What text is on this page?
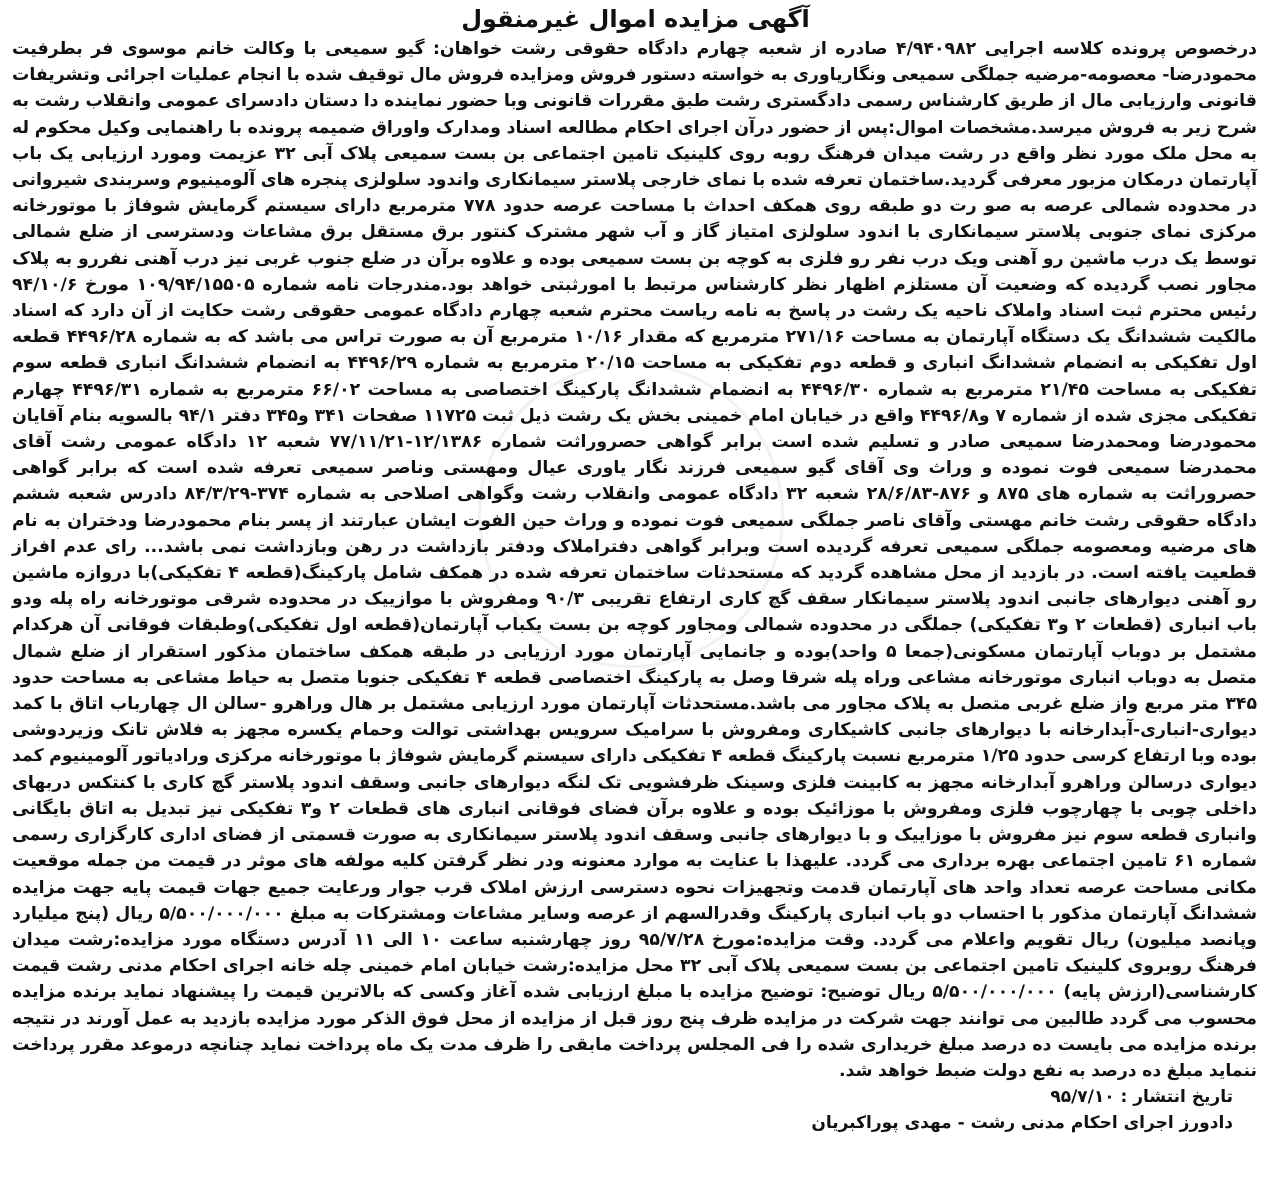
آگهی مزایده اموال غیرمنقول

درخصوص پرونده کلاسه اجرایی ۴/۹۴۰۹۸۲ صادره از شعبه چهارم دادگاه حقوقی رشت خواهان: گیو سمیعی با وکالت خانم موسوی فر بطرفیت محمودرضا- معصومه-مرضیه جملگی سمیعی ونگاریاوری به خواسته دستور فروش ومزایده فروش مال توقیف شده با انجام عملیات اجرائی وتشریفات قانونی وارزیابی مال از طریق کارشناس رسمی دادگستری رشت طبق مقررات قانونی وبا حضور نماینده دا دستان دادسرای عمومی وانقلاب رشت به شرح زیر به فروش میرسد.مشخصات اموال:پس از حضور درآن اجرای احکام مطالعه اسناد ومدارک واوراق ضمیمه پرونده با راهنمایی وکیل محکوم له به محل ملک مورد نظر واقع در رشت میدان فرهنگ روبه روی کلینیک تامین اجتماعی بن بست سمیعی پلاک آبی ۳۲ عزیمت ومورد ارزیابی یک باب آپارتمان درمکان مزبور معرفی گردید.ساختمان تعرفه شده با نمای خارجی پلاستر سیمانکاری واندود سلولزی پنجره های آلومینیوم وسربندی شیروانی در محدوده شمالی عرصه به صو رت دو طبقه روی همکف احداث با مساحت عرصه حدود ۷۷۸ مترمربع دارای سیستم گرمایش شوفاژ با موتورخانه مرکزی نمای جنوبی پلاستر سیمانکاری با اندود سلولزی امتیاز گاز و آب شهر مشترک کنتور برق مستقل برق مشاعات ودسترسی از ضلع شمالی توسط یک درب ماشین رو آهنی ویک درب نفر رو فلزی به کوچه بن بست سمیعی بوده و علاوه برآن در ضلع جنوب غربی نیز درب آهنی نفررو به پلاک مجاور نصب گردیده که وضعیت آن مستلزم اظهار نظر کارشناس مرتبط با امورثبتی خواهد بود.مندرجات نامه شماره ۱۰۹/۹۴/۱۵۵۰۵ مورخ ۹۴/۱۰/۶ رئیس محترم ثبت اسناد واملاک ناحیه یک رشت در پاسخ به نامه ریاست محترم شعبه چهارم دادگاه عمومی حقوقی رشت حکایت از آن دارد که اسناد مالکیت ششدانگ یک دستگاه آپارتمان به مساحت ۲۷۱/۱۶ مترمربع که مقدار ۱۰/۱۶ مترمربع آن به صورت تراس می باشد که به شماره ۴۴۹۶/۲۸ قطعه اول تفکیکی به انضمام ششدانگ انباری و قطعه دوم تفکیکی به مساحت ۲۰/۱۵ مترمربع به شماره ۴۴۹۶/۲۹ به انضمام ششدانگ انباری قطعه سوم تفکیکی به مساحت ۲۱/۴۵ مترمربع به شماره ۴۴۹۶/۳۰ به انضمام ششدانگ پارکینگ اختصاصی به مساحت ۶۶/۰۲ مترمربع به شماره ۴۴۹۶/۳۱ چهارم تفکیکی مجزی شده از شماره ۷ و۴۴۹۶/۸ واقع در خیابان امام خمینی بخش یک رشت ذیل ثبت ۱۱۷۲۵ صفحات ۳۴۱ و۳۴۵ دفتر ۹۴/۱ بالسویه بنام آقایان محمودرضا ومحمدرضا سمیعی صادر و تسلیم شده است برابر گواهی حصروراثت شماره ۱۲/۱۳۸۶-۷۷/۱۱/۲۱ شعبه ۱۲ دادگاه عمومی رشت آقای محمدرضا سمیعی فوت نموده و وراث وی آقای گیو سمیعی فرزند نگار یاوری عیال ومهستی وناصر سمیعی تعرفه شده است که برابر گواهی حصروراثت به شماره های ۸۷۵ و ۸۷۶-۲۸/۶/۸۳ شعبه ۳۲ دادگاه عمومی وانقلاب رشت وگواهی اصلاحی به شماره ۳۷۴-۸۴/۳/۲۹ دادرس شعبه ششم دادگاه حقوقی رشت خانم مهستی وآقای ناصر جملگی سمیعی فوت نموده و وراث حین الفوت ایشان عبارتند از پسر بنام محمودرضا ودختران به نام های مرضیه ومعصومه جملگی سمیعی تعرفه گردیده است وبرابر گواهی دفتراملاک ودفتر بازداشت در رهن وبازداشت نمی باشد... رای عدم افراز قطعیت یافته است. در بازدید از محل مشاهده گردید که مستحدثات ساختمان تعرفه شده در همکف شامل پارکینگ(قطعه ۴ تفکیکی)با دروازه ماشین رو آهنی دیوارهای جانبی اندود پلاستر سیمانکار سقف گچ کاری ارتفاع تقریبی ۹۰/۳ ومفروش با موازییک در محدوده شرقی موتورخانه راه پله ودو باب انباری (قطعات ۲ و۳ تفکیکی) جملگی در محدوده شمالی ومجاور کوچه بن بست یکباب آپارتمان(قطعه اول تفکیکی)وطبقات فوقانی آن هرکدام مشتمل بر دوباب آپارتمان مسکونی(جمعا ۵ واحد)بوده و جانمایی آپارتمان مورد ارزیابی در طبقه همکف ساختمان مذکور استقرار از ضلع شمال متصل به دوباب انباری موتورخانه مشاعی وراه پله شرقا وصل به پارکینگ اختصاصی قطعه ۴ تفکیکی جنوبا متصل به حیاط مشاعی به مساحت حدود ۳۴۵ متر مربع واز ضلع غربی متصل به پلاک مجاور می باشد.مستحدثات آپارتمان مورد ارزیابی مشتمل بر هال وراهرو -سالن ال چهارباب اتاق با کمد دیواری-انباری-آبدارخانه با دیوارهای جانبی کاشیکاری ومفروش با سرامیک سرویس بهداشتی توالت وحمام یکسره مجهز به فلاش تانک وزیردوشی بوده وبا ارتفاع کرسی حدود ۱/۲۵ مترمربع نسبت پارکینگ قطعه ۴ تفکیکی دارای سیستم گرمایش شوفاژ با موتورخانه مرکزی ورادیاتور آلومینیوم کمد دیواری درسالن وراهرو آبدارخانه مجهز به کابینت فلزی وسینک ظرفشویی تک لنگه دیوارهای جانبی وسقف اندود پلاستر گچ کاری با کنتکس دربهای داخلی چوبی با چهارچوب فلزی ومفروش با موزائیک بوده و علاوه برآن فضای فوقانی انباری های قطعات ۲ و۳ تفکیکی نیز تبدیل به اتاق بایگانی وانباری قطعه سوم نیز مفروش با موزاییک و با دیوارهای جانبی وسقف اندود پلاستر سیمانکاری به صورت قسمتی از فضای اداری کارگزاری رسمی شماره ۶۱ تامین اجتماعی بهره برداری می گردد. علیهذا با عنایت به موارد معنونه ودر نظر گرفتن کلیه مولفه های موثر در قیمت من جمله موقعیت مکانی مساحت عرصه تعداد واحد های آپارتمان قدمت وتجهیزات نحوه دسترسی ارزش املاک قرب جوار ورعایت جمیع جهات قیمت پایه جهت مزایده ششدانگ آپارتمان مذکور با احتساب دو باب انباری پارکینگ وقدرالسهم از عرصه وسایر مشاعات ومشترکات به مبلغ ۵/۵۰۰/۰۰۰/۰۰۰ ریال (پنج میلیارد وپانصد میلیون) ریال تقویم واعلام می گردد. وقت مزایده:مورخ ۹۵/۷/۲۸ روز چهارشنبه ساعت ۱۰ الی ۱۱ آدرس دستگاه مورد مزایده:رشت میدان فرهنگ روبروی کلینیک تامین اجتماعی بن بست سمیعی پلاک آبی ۳۲ محل مزایده:رشت خیابان امام خمینی چله خانه اجرای احکام مدنی رشت قیمت کارشناسی(ارزش پایه) ۵/۵۰۰/۰۰۰/۰۰۰ ریال توضیح: توضیح مزایده با مبلغ ارزیابی شده آغاز وکسی که بالاترین قیمت را پیشنهاد نماید برنده مزایده محسوب می گردد طالبین می توانند جهت شرکت در مزایده ظرف پنج روز قبل از مزایده از محل فوق الذکر مورد مزایده بازدید به عمل آورند در نتیجه برنده مزایده می بایست ده درصد مبلغ خریداری شده را فی المجلس پرداخت مابقی را ظرف مدت یک ماه پرداخت نماید چنانچه درموعد مقرر پرداخت ننماید مبلغ ده درصد به نفع دولت ضبط خواهد شد.

تاریخ انتشار : ۹۵/۷/۱۰
دادورز اجرای احکام مدنی رشت - مهدی پوراکبریان
